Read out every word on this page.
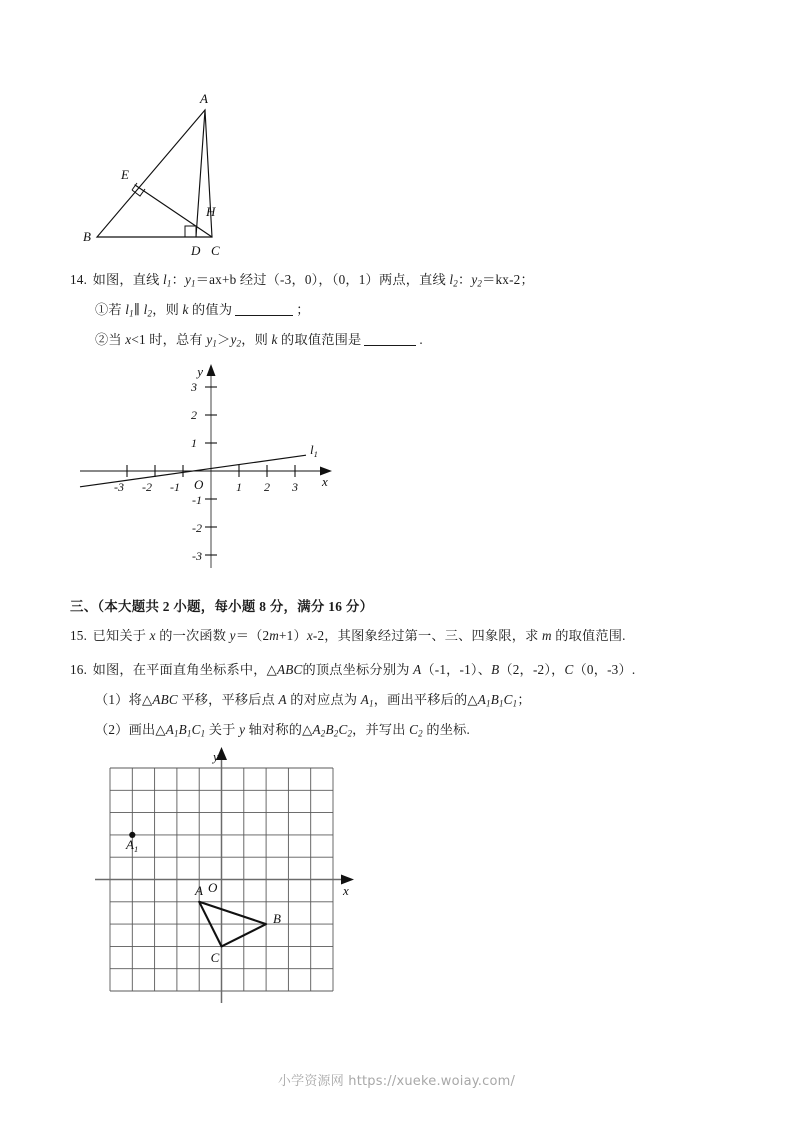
A
E
B
H
D C
14. 如图，直线 $l_1$：$y_1=ax+b$ 经过（-3，0），（0，1）两点，直线 $l_2$：$y_2=kx-2$；
①若 $l_1\parallel$ $l_2$，则 k 的值为	；
②当 x<1 时，总有 $y_1>y_2$，则 k 的取值范围是	.
-3 -2 -1	1 2 3
3
2
1
-1
-2
-3
y
x
O
$l_1$
三、（本大题共 2 小题，每小题 8 分，满分 16 分）
15. 已知关于 x 的一次函数 y＝（2m+1）x-2，其图象经过第一、三、四象限，求 m 的取值范围.
16. 如图，在平面直角坐标系中，△ABC的顶点坐标分别为 A（-1，-1）、B（2，-2），C（0，-3）.
（1）将△ABC 平移，平移后点 A 的对应点为 $A_1$，画出平移后的$\triangle A_1B_1C_1$；
（2）画出$\triangle A_1B_1C_1$ 关于 y 轴对称的$\triangle A_2B_2C_2$，并写出 $C_2$ 的坐标.
$A_1$
A
B
C
O	x
y
小学资源网 https://xueke.woiay.com/
